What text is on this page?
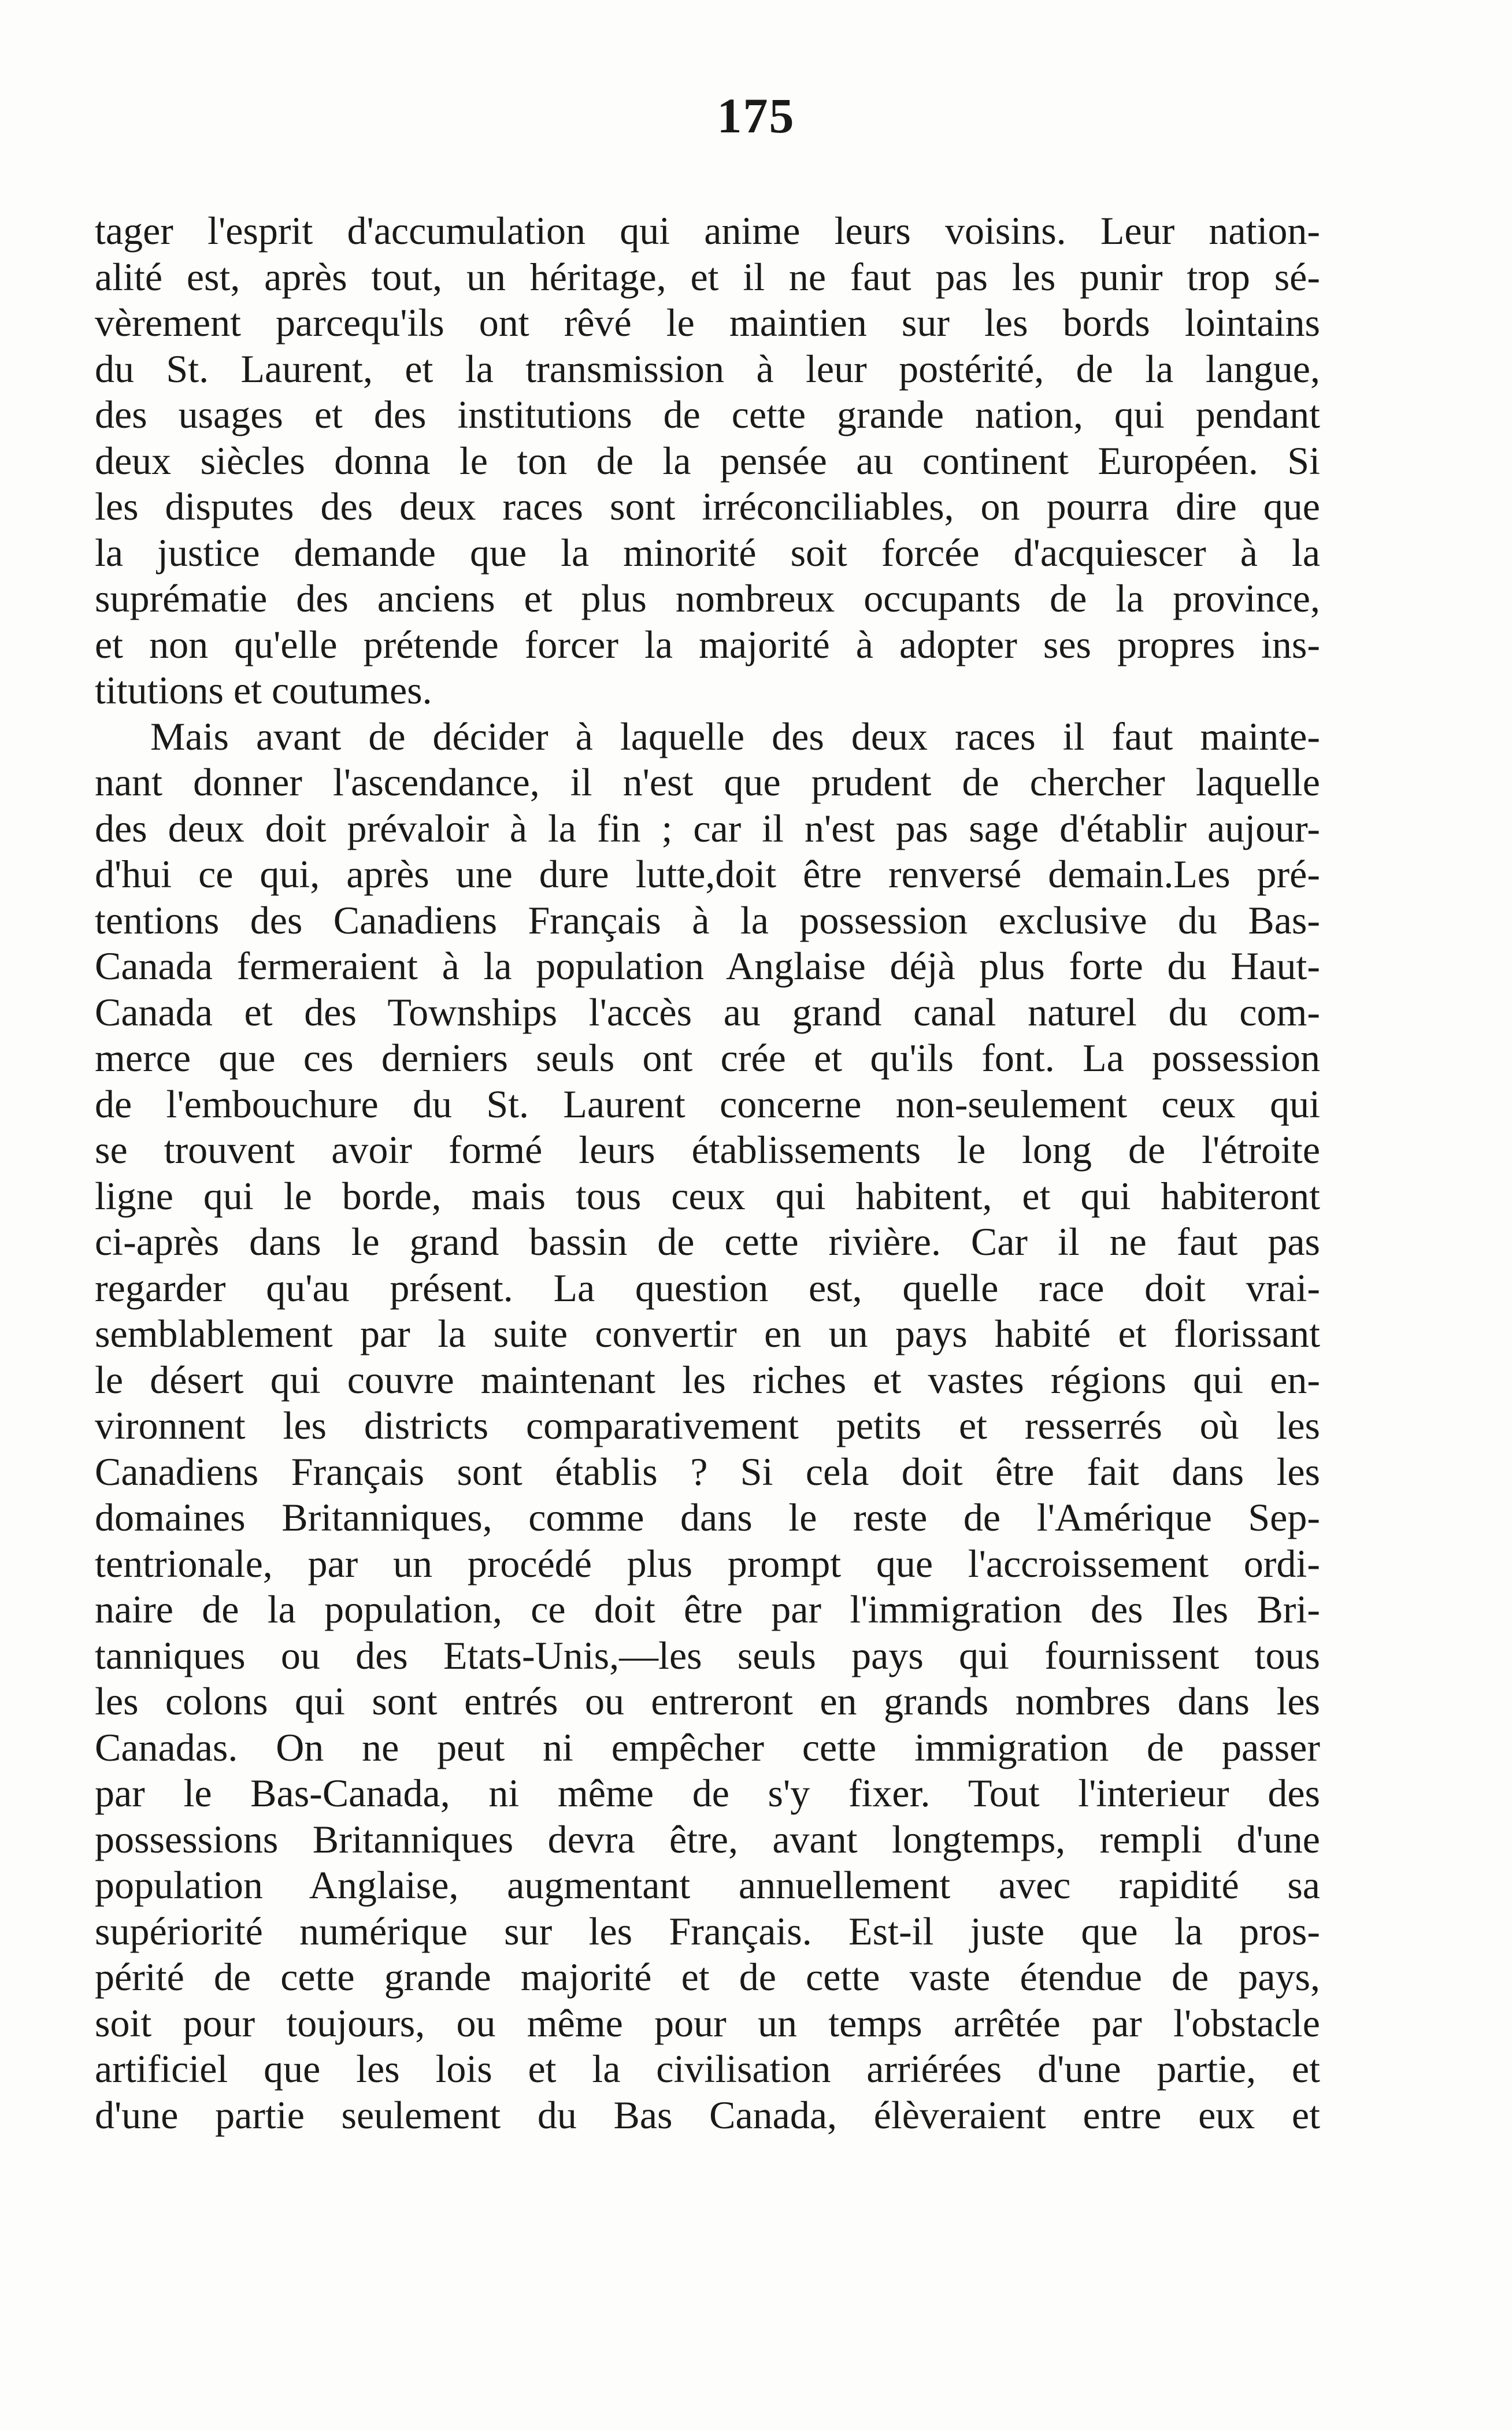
175
tager l'esprit d'accumulation qui anime leurs voisins. Leur nation-
alité est, après tout, un héritage, et il ne faut pas les punir trop sé-
vèrement parcequ'ils ont rêvé le maintien sur les bords lointains
du St. Laurent, et la transmission à leur postérité, de la langue,
des usages et des institutions de cette grande nation, qui pendant
deux siècles donna le ton de la pensée au continent Européen. Si
les disputes des deux races sont irréconciliables, on pourra dire que
la justice demande que la minorité soit forcée d'acquiescer à la
suprématie des anciens et plus nombreux occupants de la province,
et non qu'elle prétende forcer la majorité à adopter ses propres ins-
titutions et coutumes.
Mais avant de décider à laquelle des deux races il faut mainte-
nant donner l'ascendance, il n'est que prudent de chercher laquelle
des deux doit prévaloir à la fin ; car il n'est pas sage d'établir aujour-
d'hui ce qui, après une dure lutte,doit être renversé demain.Les pré-
tentions des Canadiens Français à la possession exclusive du Bas-
Canada fermeraient à la population Anglaise déjà plus forte du Haut-
Canada et des Townships l'accès au grand canal naturel du com-
merce que ces derniers seuls ont crée et qu'ils font. La possession
de l'embouchure du St. Laurent concerne non-seulement ceux qui
se trouvent avoir formé leurs établissements le long de l'étroite
ligne qui le borde, mais tous ceux qui habitent, et qui habiteront
ci-après dans le grand bassin de cette rivière. Car il ne faut pas
regarder qu'au présent. La question est, quelle race doit vrai-
semblablement par la suite convertir en un pays habité et florissant
le désert qui couvre maintenant les riches et vastes régions qui en-
vironnent les districts comparativement petits et resserrés où les
Canadiens Français sont établis ? Si cela doit être fait dans les
domaines Britanniques, comme dans le reste de l'Amérique Sep-
tentrionale, par un procédé plus prompt que l'accroissement ordi-
naire de la population, ce doit être par l'immigration des Iles Bri-
tanniques ou des Etats-Unis,—les seuls pays qui fournissent tous
les colons qui sont entrés ou entreront en grands nombres dans les
Canadas. On ne peut ni empêcher cette immigration de passer
par le Bas-Canada, ni même de s'y fixer. Tout l'interieur des
possessions Britanniques devra être, avant longtemps, rempli d'une
population Anglaise, augmentant annuellement avec rapidité sa
supériorité numérique sur les Français. Est-il juste que la pros-
périté de cette grande majorité et de cette vaste étendue de pays,
soit pour toujours, ou même pour un temps arrêtée par l'obstacle
artificiel que les lois et la civilisation arriérées d'une partie, et
d'une partie seulement du Bas Canada, élèveraient entre eux et
